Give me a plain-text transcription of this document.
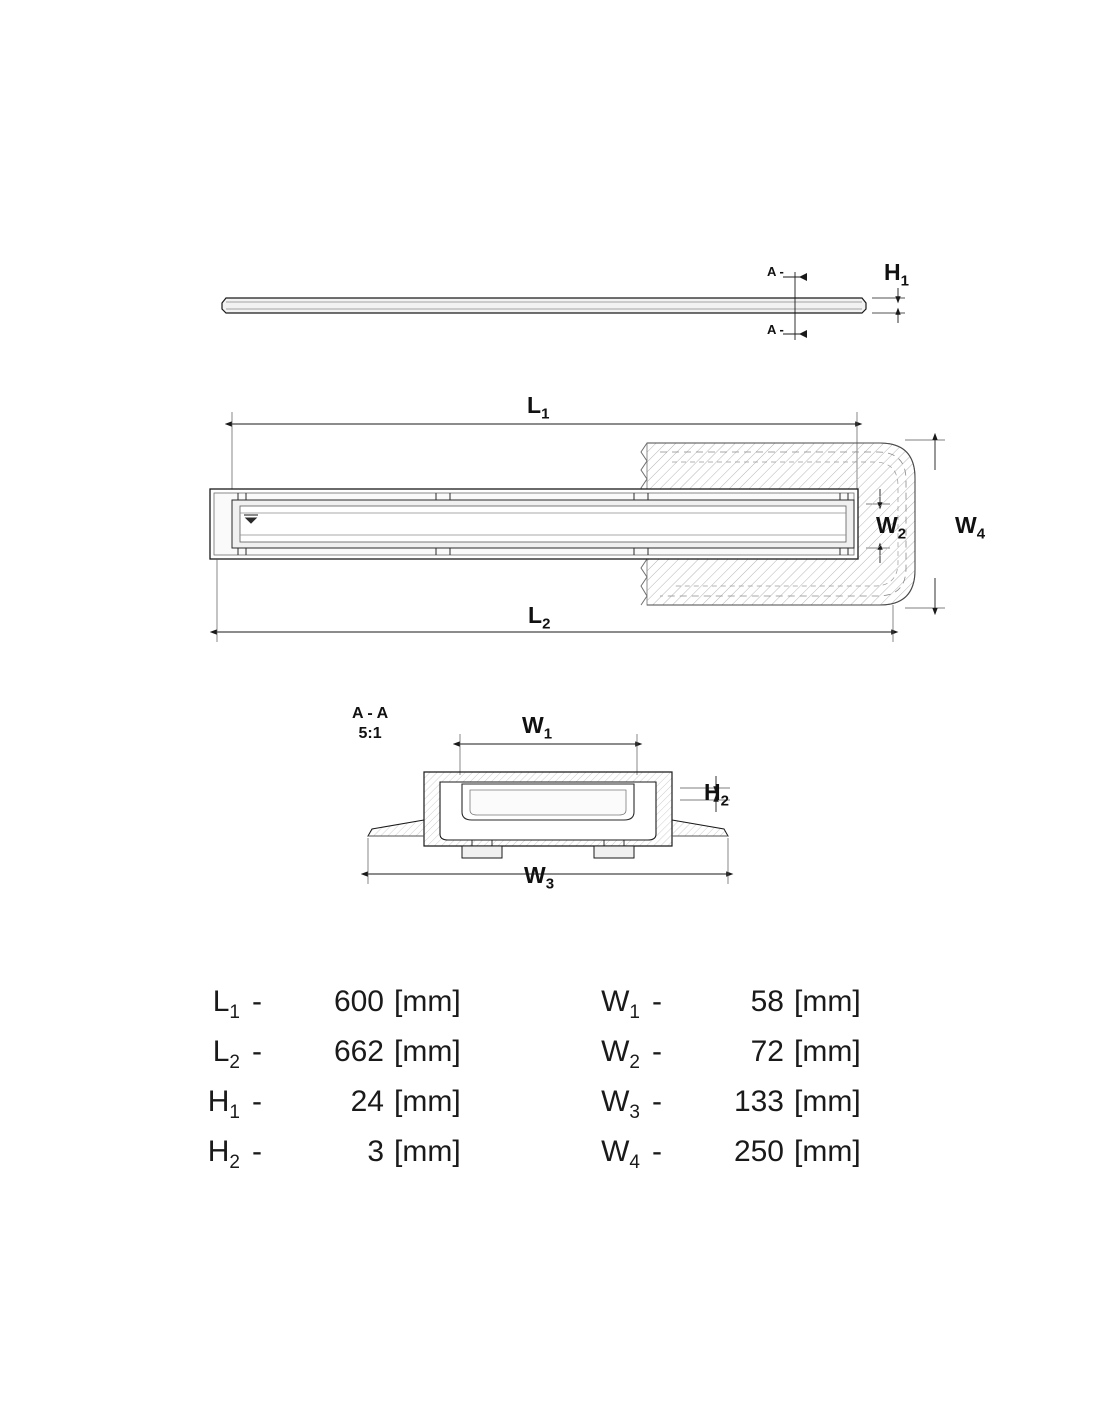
$H_1$
A -
A -
$L_1$
$L_2$
$W_2$ $W_4$
A - A
5:1	$W_1$
$H_2$
$W_3$
$L_1$ -	600 [mm]	$W_1$ -	58 [mm]
$L_2$ -	662 [mm]	$W_2$ -	72 [mm]
$H_1$ -	24 [mm]	$W_3$ -	133 [mm]
$H_2$ -	3 [mm]	$W_4$ -	250 [mm]
